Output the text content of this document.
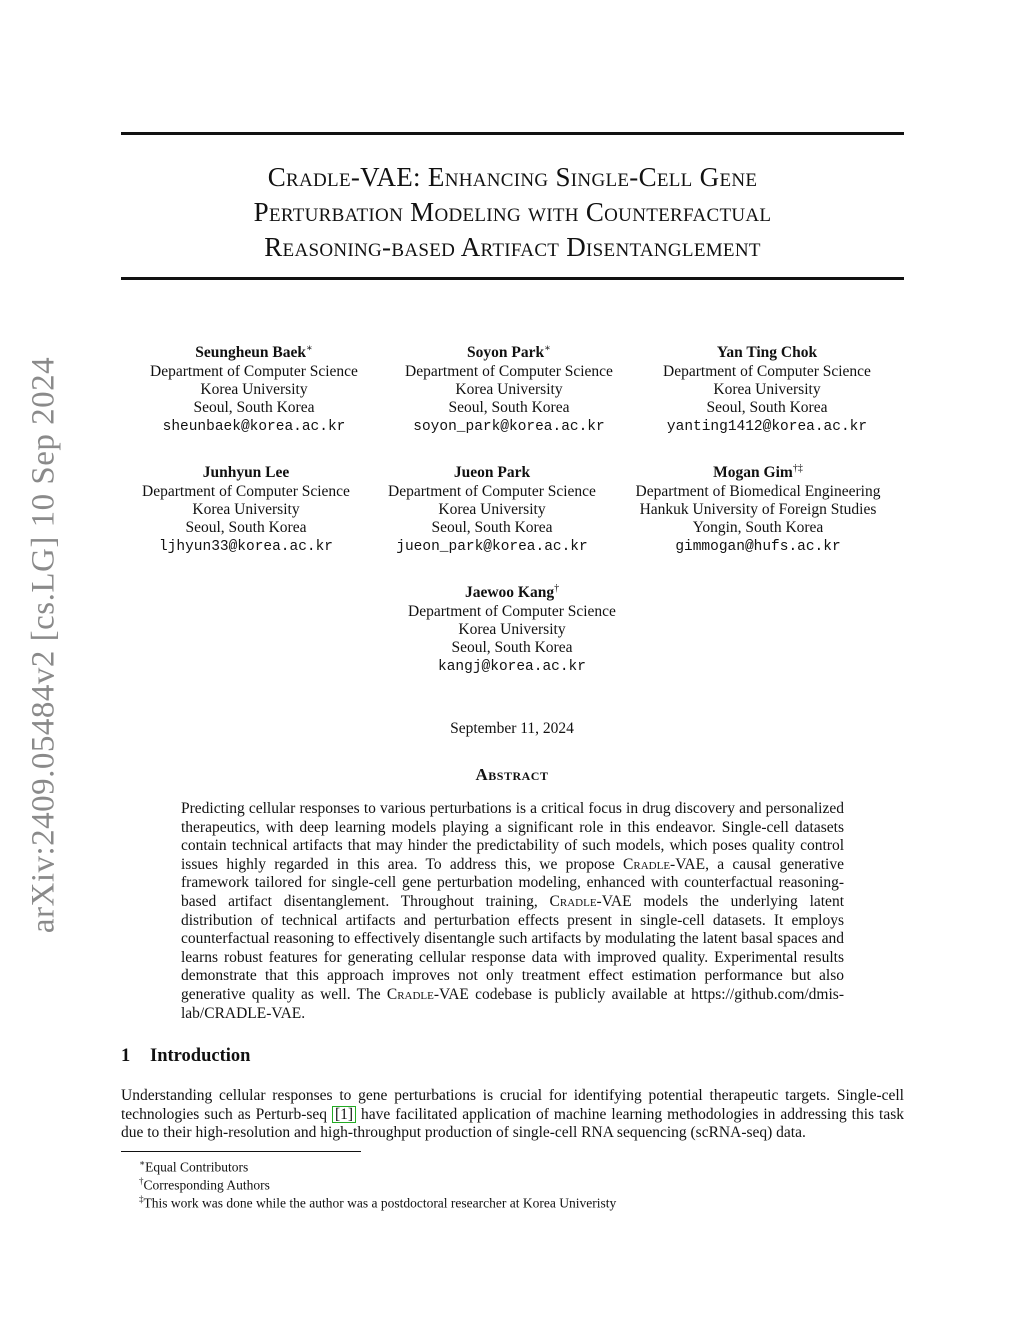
Cradle-VAE: Enhancing Single-Cell Gene
Perturbation Modeling with Counterfactual
Reasoning-based Artifact Disentanglement
arXiv:2409.05484v2 [cs.LG] 10 Sep 2024
Seungheun Baek∗
Department of Computer Science
Korea University
Seoul, South Korea
sheunbaek@korea.ac.kr
Soyon Park∗
Department of Computer Science
Korea University
Seoul, South Korea
soyon_park@korea.ac.kr
Yan Ting Chok
Department of Computer Science
Korea University
Seoul, South Korea
yanting1412@korea.ac.kr
Junhyun Lee
Department of Computer Science
Korea University
Seoul, South Korea
ljhyun33@korea.ac.kr
Jueon Park
Department of Computer Science
Korea University
Seoul, South Korea
jueon_park@korea.ac.kr
Mogan Gim†‡
Department of Biomedical Engineering
Hankuk University of Foreign Studies
Yongin, South Korea
gimmogan@hufs.ac.kr
Jaewoo Kang†
Department of Computer Science
Korea University
Seoul, South Korea
kangj@korea.ac.kr
September 11, 2024
Abstract

Predicting cellular responses to various perturbations is a critical focus in drug discovery and personalized therapeutics, with deep learning models playing a significant role in this endeavor. Single-cell datasets contain technical artifacts that may hinder the predictability of such models, which poses quality control issues highly regarded in this area. To address this, we propose Cradle-VAE, a causal generative framework tailored for single-cell gene perturbation modeling, enhanced with counterfactual reasoning-based artifact disentanglement. Throughout training, Cradle-VAE models the underlying latent distribution of technical artifacts and perturbation effects present in single-cell datasets. It employs counterfactual reasoning to effectively disentangle such artifacts by modulating the latent basal spaces and learns robust features for generating cellular response data with improved quality. Experimental results demonstrate that this approach improves not only treatment effect estimation performance but also generative quality as well. The Cradle-VAE codebase is publicly available at https://github.com/dmis-lab/CRADLE-VAE.

1 Introduction

Understanding cellular responses to gene perturbations is crucial for identifying potential therapeutic targets. Single-cell technologies such as Perturb-seq [1] have facilitated application of machine learning methodologies in addressing this task due to their high-resolution and high-throughput production of single-cell RNA sequencing (scRNA-seq) data.

∗Equal Contributors
†Corresponding Authors
‡This work was done while the author was a postdoctoral researcher at Korea Univeristy
